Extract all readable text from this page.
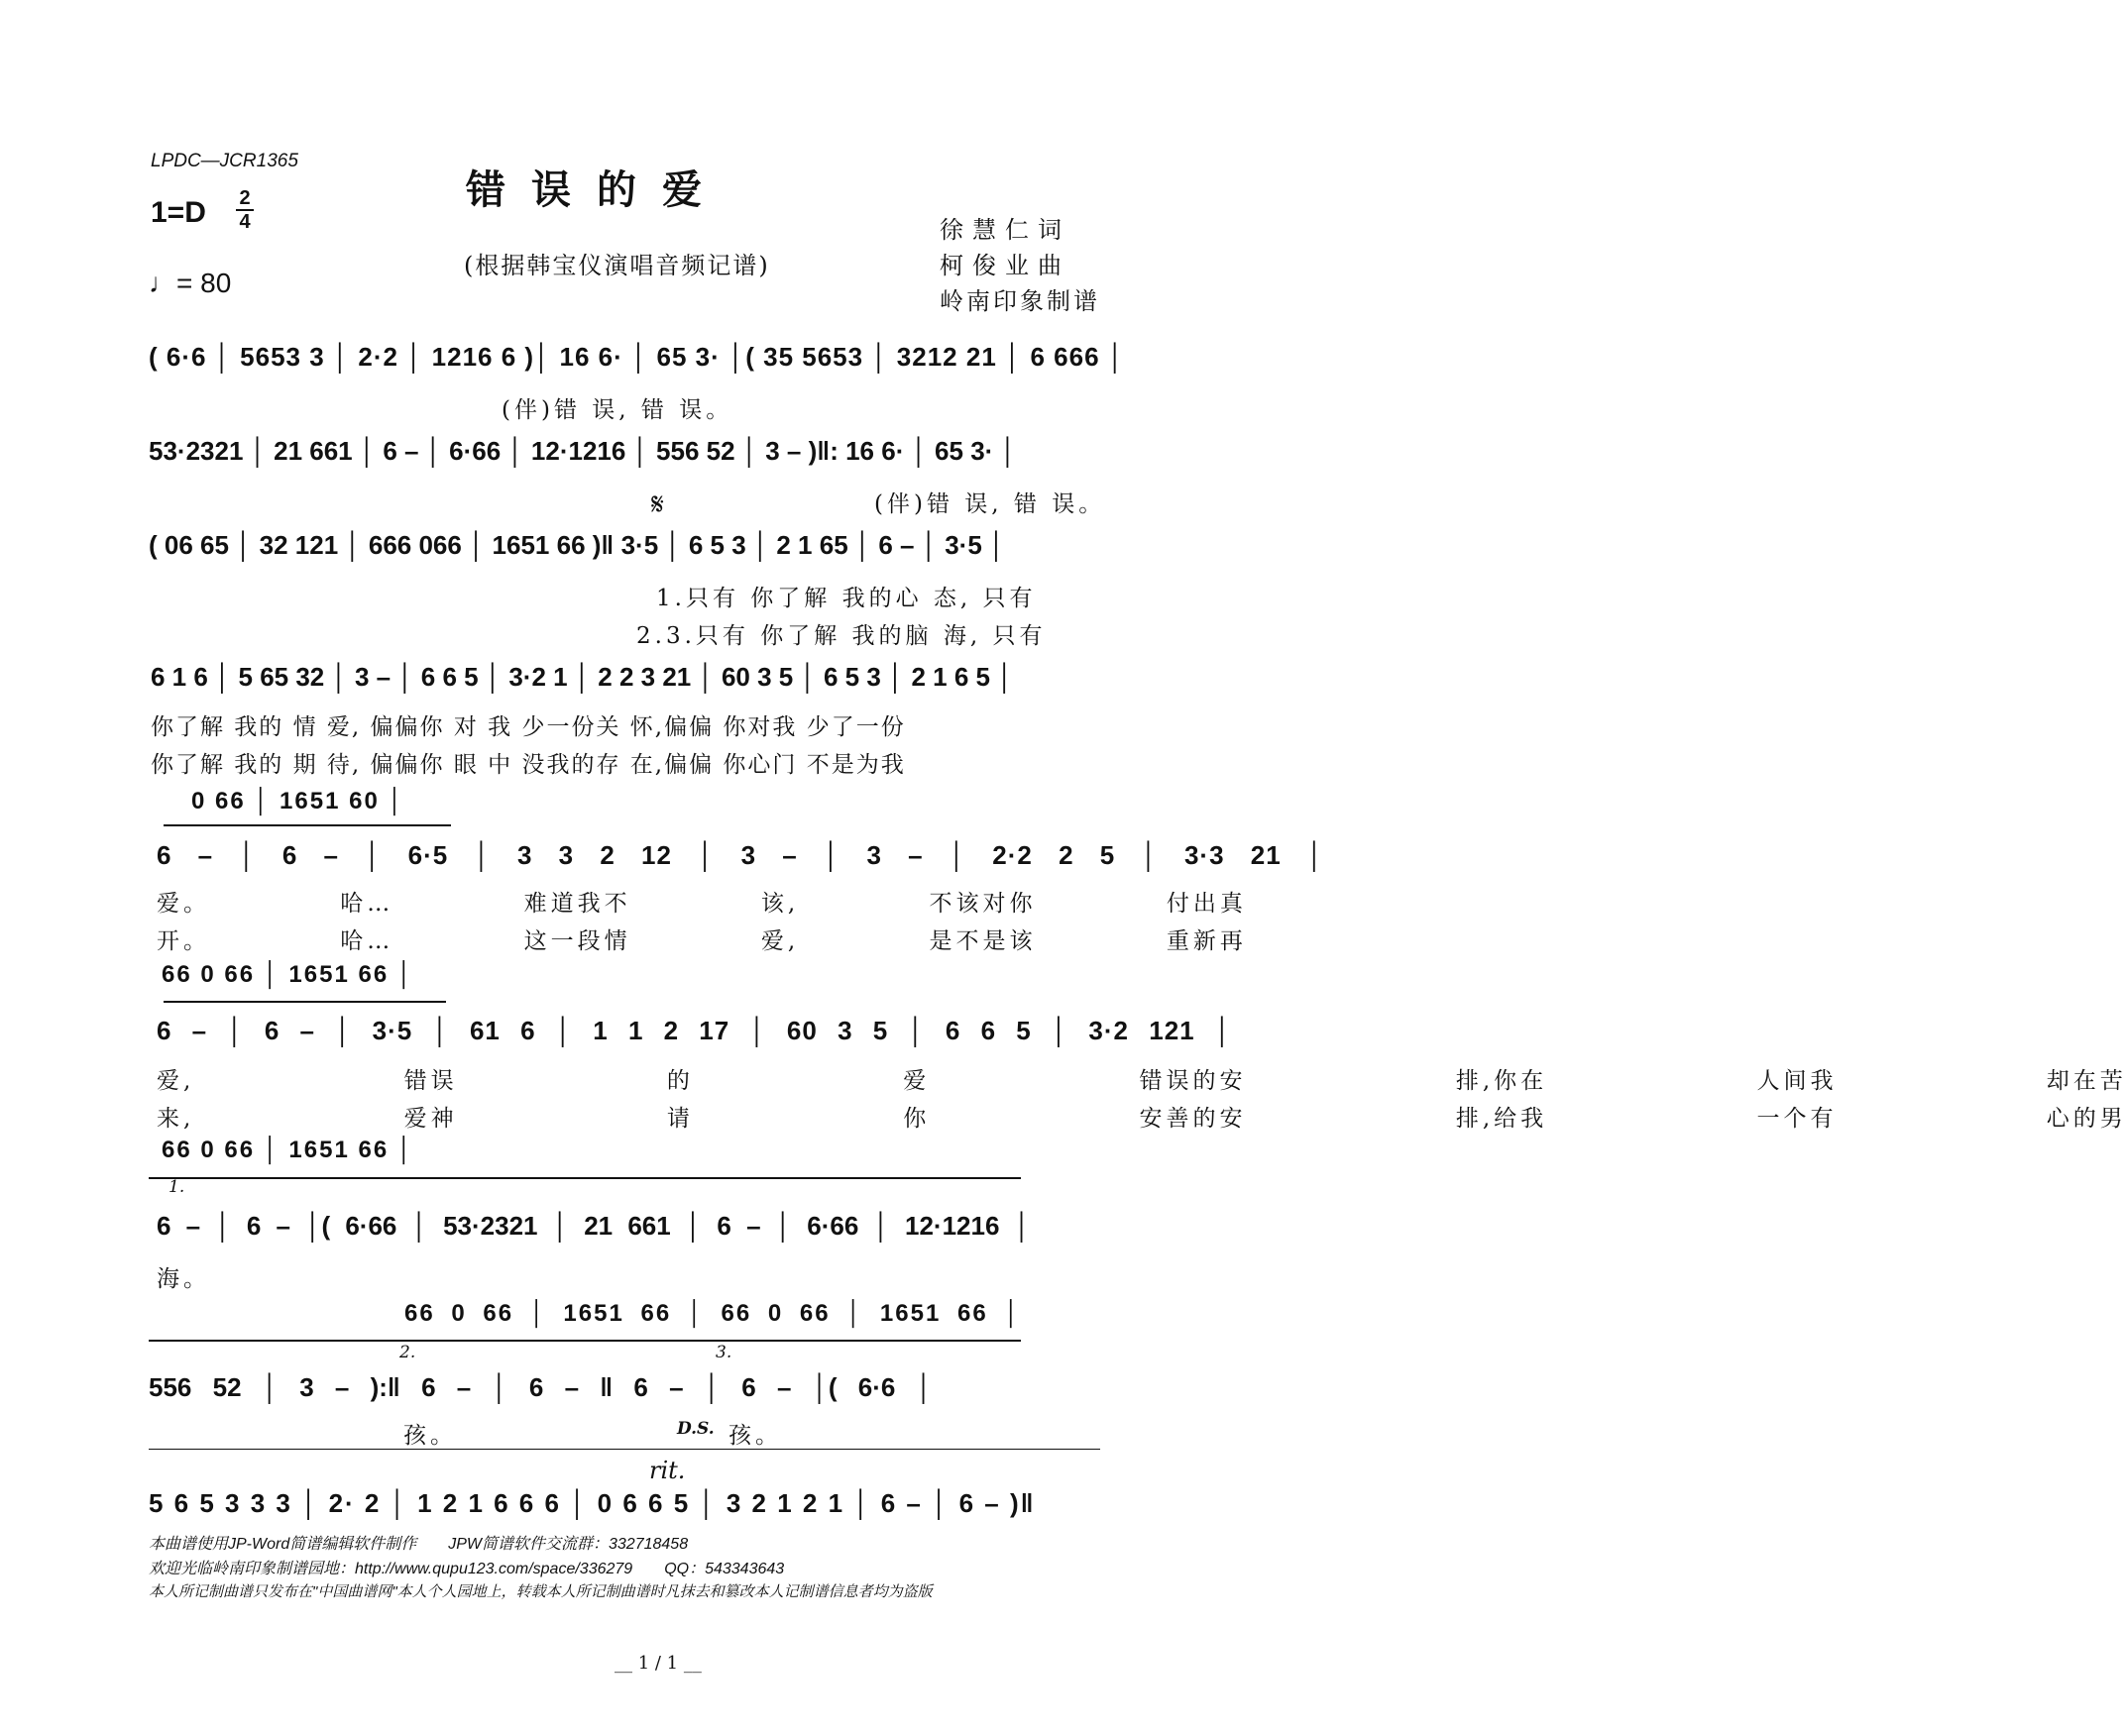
LPDC—JCR1365
错误的爱
1=D 2
4
♩= 80
(根据韩宝仪演唱音频记谱)
徐慧仁词
柯俊业曲
岭南印象制谱
( 6·6 │ 5653 3 │ 2·2 │ 1216 6 )│ 16 6· │ 65 3· │( 35 5653 │ 3212 21 │ 6 666 │
(伴)错 误, 错 误。
53·2321 │ 21 661 │ 6 – │ 6·66 │ 12·1216 │ 556 52 │ 3 – )‖: 16 6· │ 65 3· │
(伴)错 误, 错 误。
𝄋
( 06 65 │ 32 121 │ 666 066 │ 1651 66 )‖ 3·5 │ 6 5 3 │ 2 1 65 │ 6 – │ 3·5 │
1.只有 你了解 我的心 态, 只有
2.3.只有 你了解 我的脑 海, 只有
6 1 6 │ 5 65 32 │ 3 – │ 6 6 5 │ 3·2 1 │ 2 2 3 21 │ 60 3 5 │ 6 5 3 │ 2 1 6 5 │
你了解 我的 情 爱, 偏偏你 对 我 少一份关 怀,偏偏 你对我 少了一份
你了解 我的 期 待, 偏偏你 眼 中 没我的存 在,偏偏 你心门 不是为我
0 66 │ 1651 60 │
6 – │ 6 – │ 6·5 │ 3 3 2 12 │ 3 – │ 3 – │ 2·2 2 5 │ 3·3 21 │
爱。 哈… 难道我不 该, 不该对你 付出真
开。 哈… 这一段情 爱, 是不是该 重新再
66 0 66 │ 1651 66 │
6 – │ 6 – │ 3·5 │ 61 6 │ 1 1 2 17 │ 60 3 5 │ 6 6 5 │ 3·2 121 │
爱, 错误 的 爱 错误的安 排,你在 人间我 却在苦
来, 爱神 请 你 安善的安 排,给我 一个有 心的男
66 0 66 │ 1651 66 │
1.
6 – │ 6 – │( 6·66 │ 53·2321 │ 21 661 │ 6 – │ 6·66 │ 12·1216 │
海。
66 0 66 │ 1651 66 │ 66 0 66 │ 1651 66 │
2.	3.
556 52 │ 3 – ):‖ 6 – │ 6 – ‖ 6 – │ 6 – │( 6·6 │
孩。	D.S. 孩。
rit.
5 6 5 3 3 3 │ 2· 2 │ 1 2 1 6 6 6 │ 0 6 6 5 │ 3 2 1 2 1 │ 6 – │ 6 – )‖
本曲谱使用JP-Word简谱编辑软件制作　　JPW简谱软件交流群：332718458
欢迎光临岭南印象制谱园地：http://www.qupu123.com/space/336279　　QQ：543343643
本人所记制曲谱只发布在"中国曲谱网"本人个人园地上，转载本人所记制曲谱时凡抹去和篡改本人记制谱信息者均为盗版
__ 1 / 1 __
